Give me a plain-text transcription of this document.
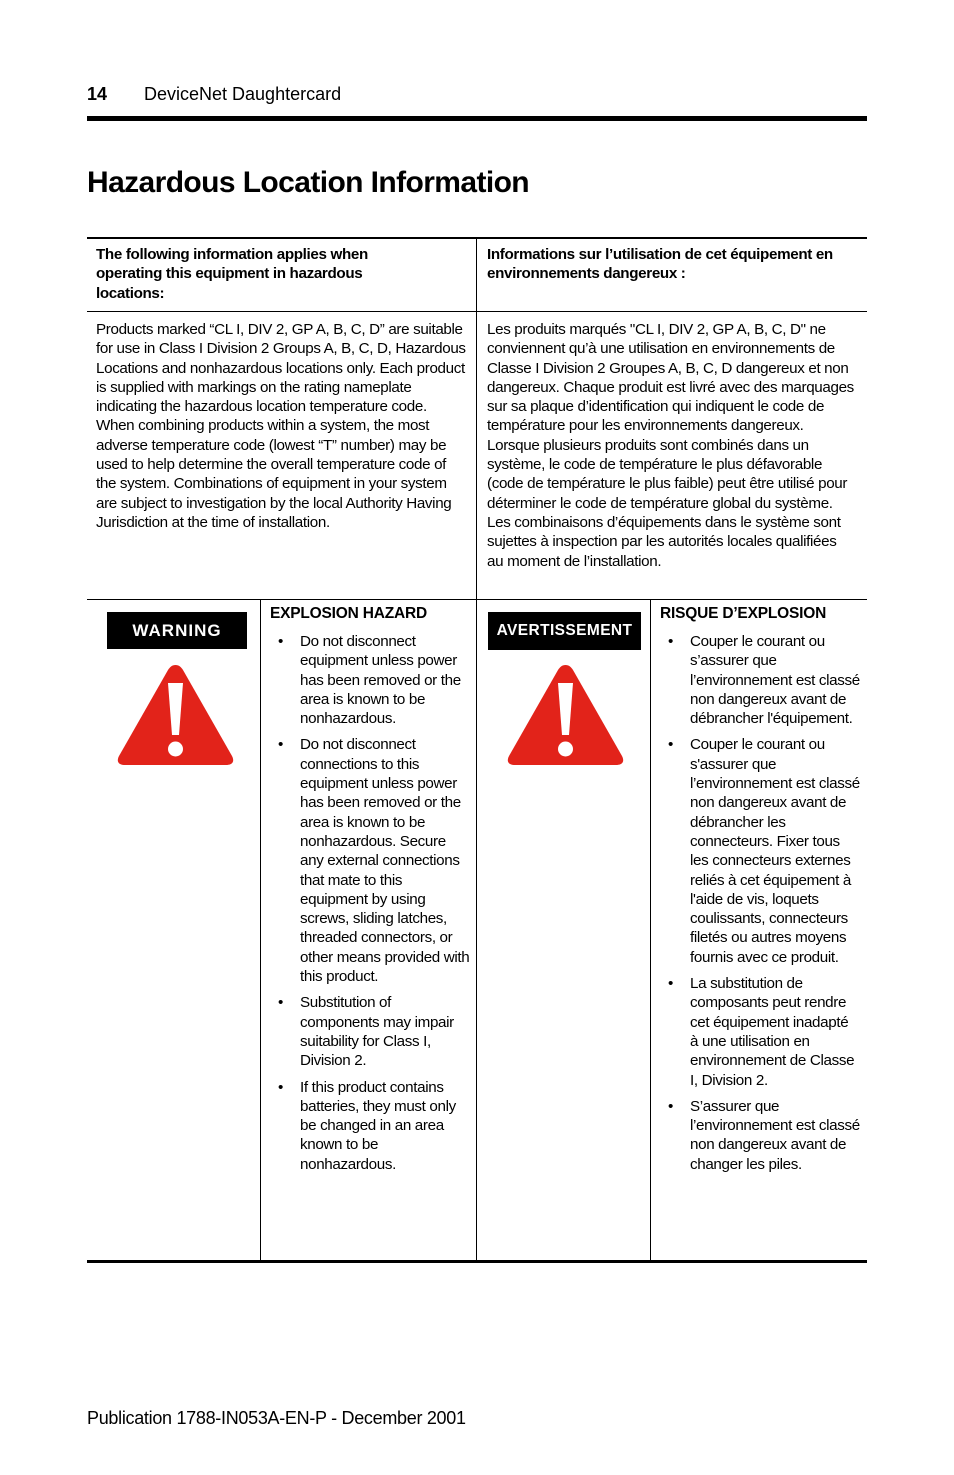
14 DeviceNet Daughtercard
Hazardous Location Information
The following information applies when operating this equipment in hazardous locations:
Informations sur l’utilisation de cet équipement en environnements dangereux :
Products marked “CL I, DIV 2, GP A, B, C, D” are suitable for use in Class I Division 2 Groups A, B, C, D, Hazardous Locations and nonhazardous locations only. Each product is supplied with markings on the rating nameplate indicating the hazardous location temperature code. When combining products within a system, the most adverse temperature code (lowest “T” number) may be used to help determine the overall temperature code of the system. Combinations of equipment in your system are subject to investigation by the local Authority Having Jurisdiction at the time of installation.
Les produits marqués "CL I, DIV 2, GP A, B, C, D" ne conviennent qu’à une utilisation en environnements de Classe I Division 2 Groupes A, B, C, D dangereux et non dangereux. Chaque produit est livré avec des marquages sur sa plaque d’identification qui indiquent le code de température pour les environnements dangereux. Lorsque plusieurs produits sont combinés dans un système, le code de température le plus défavorable (code de température le plus faible) peut être utilisé pour déterminer le code de température global du système. Les combinaisons d’équipements dans le système sont sujettes à inspection par les autorités locales qualifiées au moment de l’installation.
WARNING
EXPLOSION HAZARD
• Do not disconnect equipment unless power has been removed or the area is known to be nonhazardous.
• Do not disconnect connections to this equipment unless power has been removed or the area is known to be nonhazardous. Secure any external connections that mate to this equipment by using screws, sliding latches, threaded connectors, or other means provided with this product.
• Substitution of components may impair suitability for Class I, Division 2.
• If this product contains batteries, they must only be changed in an area known to be nonhazardous.
AVERTISSEMENT
RISQUE D’EXPLOSION
• Couper le courant ou s’assurer que l’environnement est classé non dangereux avant de débrancher l'équipement.
• Couper le courant ou s'assurer que l’environnement est classé non dangereux avant de débrancher les connecteurs. Fixer tous les connecteurs externes reliés à cet équipement à l'aide de vis, loquets coulissants, connecteurs filetés ou autres moyens fournis avec ce produit.
• La substitution de composants peut rendre cet équipement inadapté à une utilisation en environnement de Classe I, Division 2.
• S’assurer que l’environnement est classé non dangereux avant de changer les piles.
Publication 1788-IN053A-EN-P - December 2001
